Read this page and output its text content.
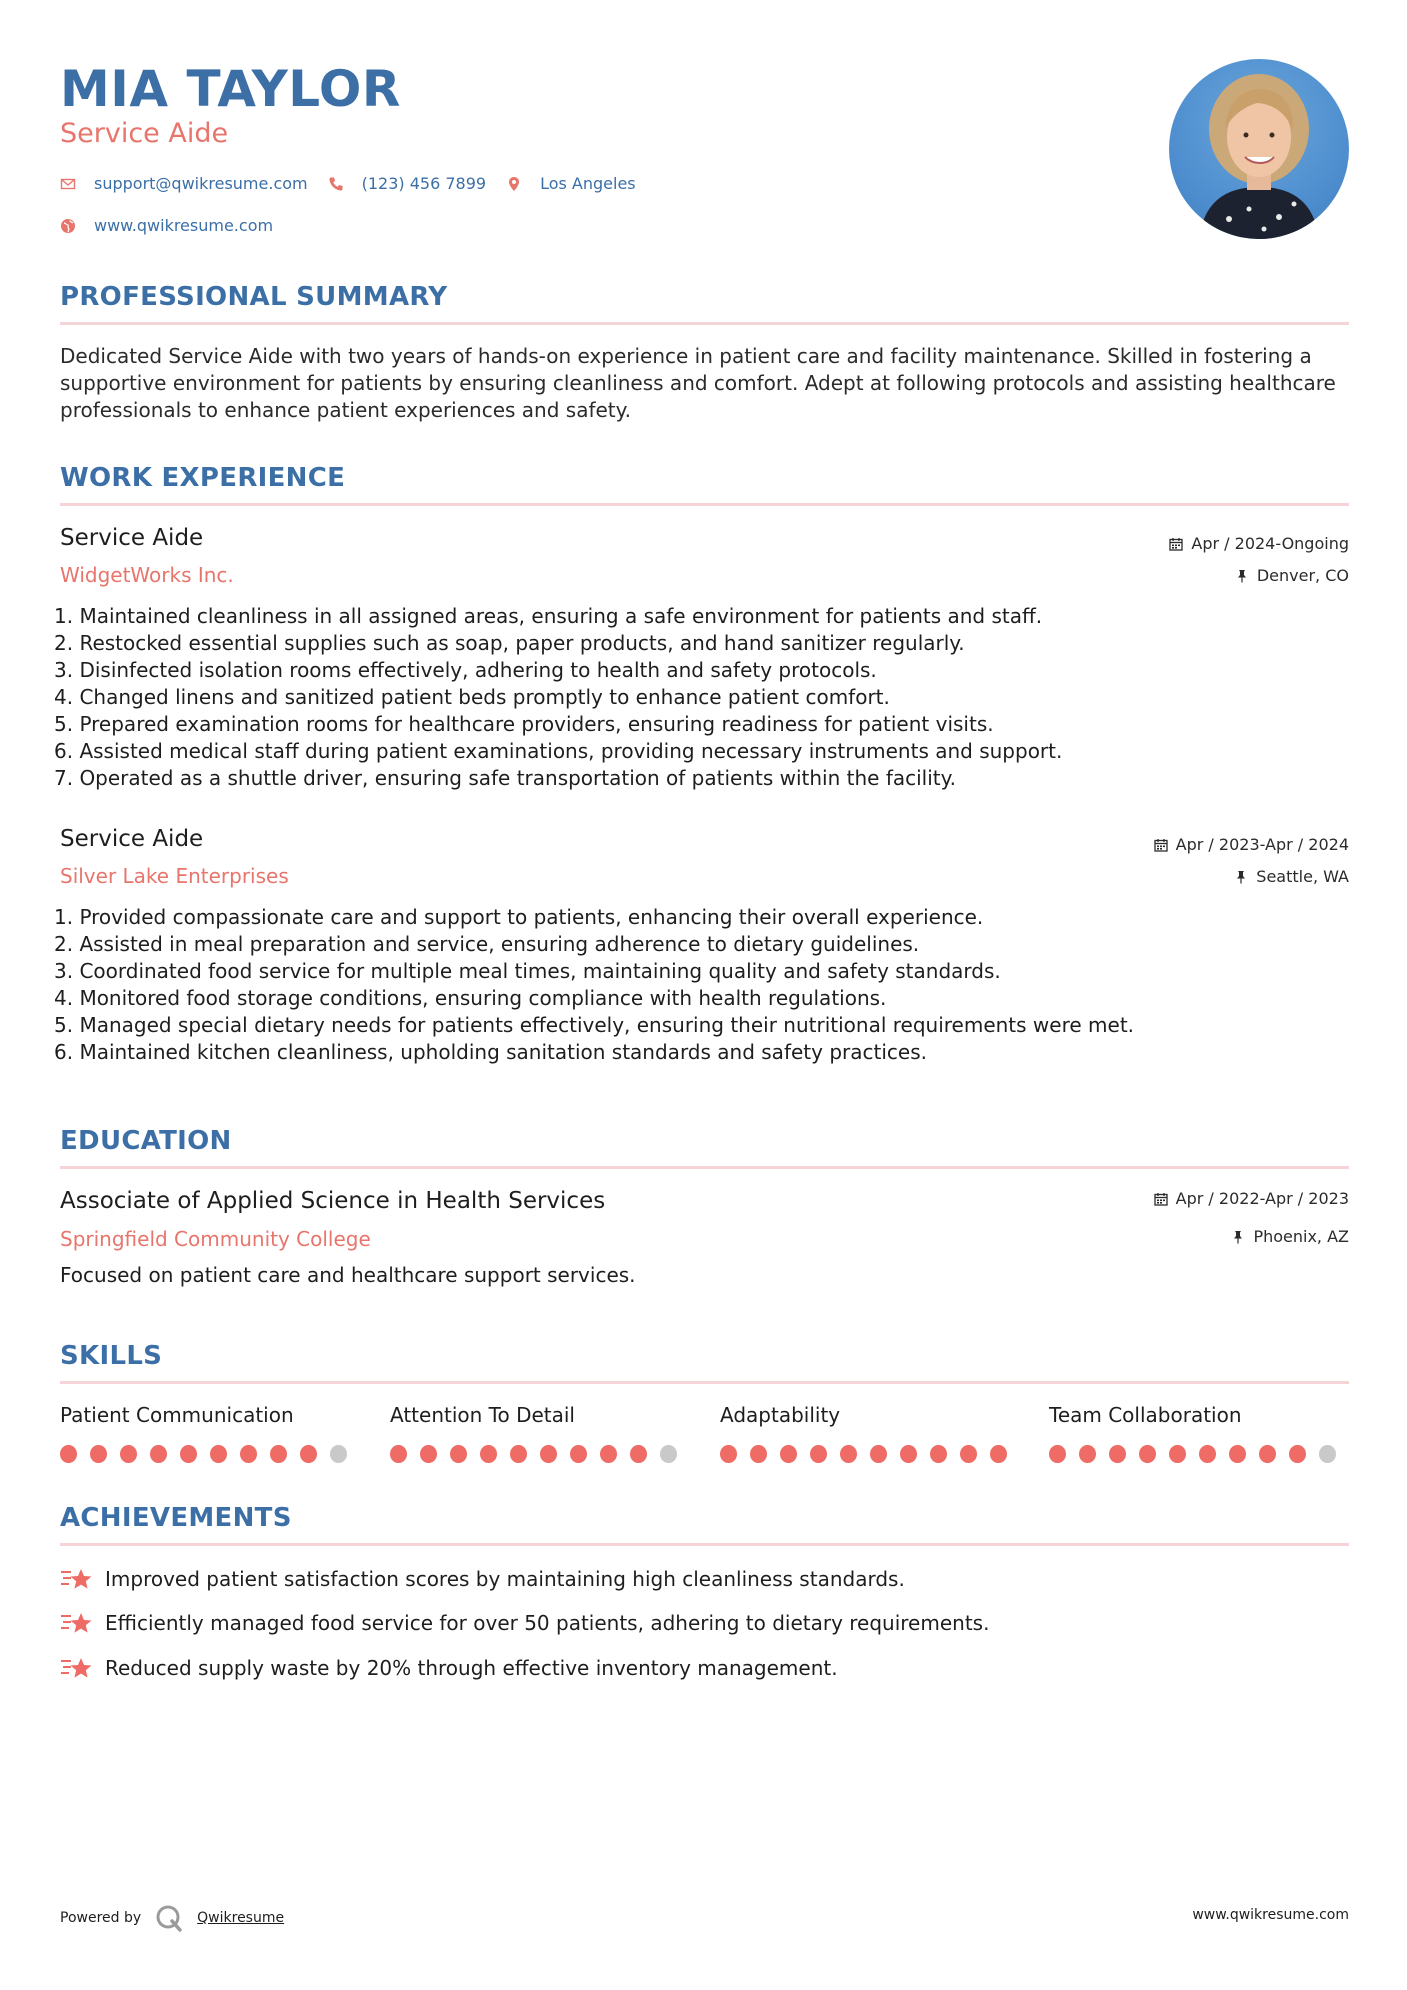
MIA TAYLOR
Service Aide
support@qwikresume.com	(123) 456 7899	Los Angeles
www.qwikresume.com
PROFESSIONAL SUMMARY
Dedicated Service Aide with two years of hands-on experience in patient care and facility maintenance. Skilled in fostering a supportive environment for patients by ensuring cleanliness and comfort. Adept at following protocols and assisting healthcare professionals to enhance patient experiences and safety.
WORK EXPERIENCE
Service Aide
WidgetWorks Inc.
Apr / 2024-Ongoing
Denver, CO
1. Maintained cleanliness in all assigned areas, ensuring a safe environment for patients and staff.
2. Restocked essential supplies such as soap, paper products, and hand sanitizer regularly.
3. Disinfected isolation rooms effectively, adhering to health and safety protocols.
4. Changed linens and sanitized patient beds promptly to enhance patient comfort.
5. Prepared examination rooms for healthcare providers, ensuring readiness for patient visits.
6. Assisted medical staff during patient examinations, providing necessary instruments and support.
7. Operated as a shuttle driver, ensuring safe transportation of patients within the facility.
Service Aide
Silver Lake Enterprises
Apr / 2023-Apr / 2024
Seattle, WA
1. Provided compassionate care and support to patients, enhancing their overall experience.
2. Assisted in meal preparation and service, ensuring adherence to dietary guidelines.
3. Coordinated food service for multiple meal times, maintaining quality and safety standards.
4. Monitored food storage conditions, ensuring compliance with health regulations.
5. Managed special dietary needs for patients effectively, ensuring their nutritional requirements were met.
6. Maintained kitchen cleanliness, upholding sanitation standards and safety practices.
EDUCATION
Associate of Applied Science in Health Services
Springfield Community College
Apr / 2022-Apr / 2023
Phoenix, AZ
Focused on patient care and healthcare support services.
SKILLS
Patient Communication	Attention To Detail	Adaptability	Team Collaboration
ACHIEVEMENTS
Improved patient satisfaction scores by maintaining high cleanliness standards.
Efficiently managed food service for over 50 patients, adhering to dietary requirements.
Reduced supply waste by 20% through effective inventory management.
Powered by	Qwikresume	www.qwikresume.com
